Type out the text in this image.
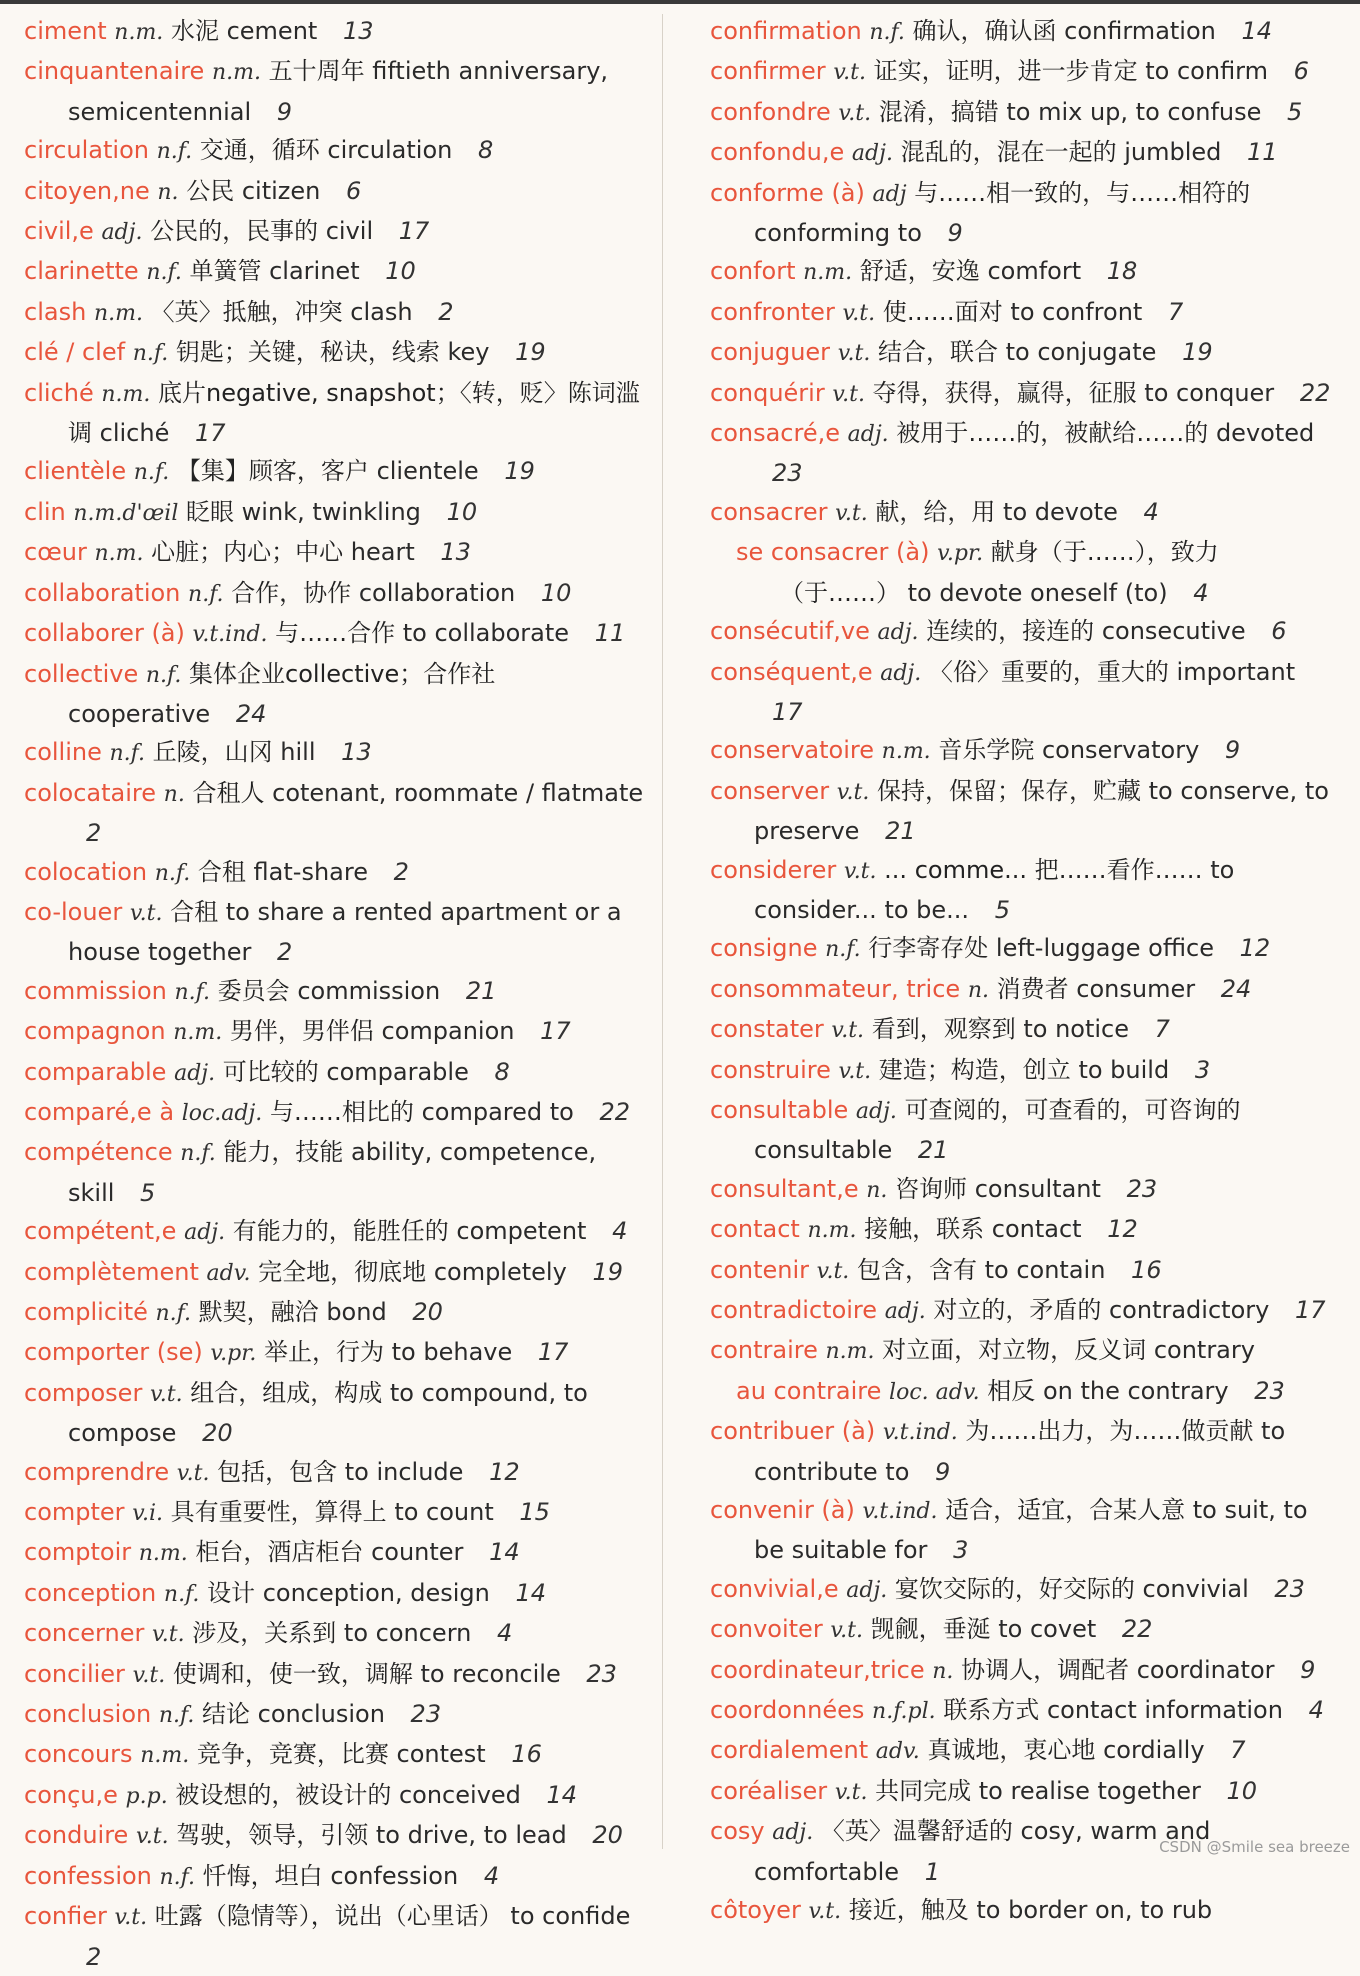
ciment n.m. 水泥 cement 13
cinquantenaire n.m. 五十周年 fiftieth anniversary, semicentennial 9
circulation n.f. 交通，循环 circulation 8
citoyen,ne n. 公民 citizen 6
civil,e adj. 公民的，民事的 civil 17
clarinette n.f. 单簧管 clarinet 10
clash n.m. 〈英〉抵触，冲突 clash 2
clé / clef n.f. 钥匙；关键，秘诀，线索 key 19
cliché n.m. 底片negative, snapshot；〈转，贬〉陈词滥调 cliché 17
clientèle n.f. 【集】顾客，客户 clientele 19
clin n.m.d'œil 眨眼 wink, twinkling 10
cœur n.m. 心脏；内心；中心 heart 13
collaboration n.f. 合作，协作 collaboration 10
collaborer (à) v.t.ind. 与……合作 to collaborate 11
collective n.f. 集体企业collective；合作社 cooperative 24
colline n.f. 丘陵，山冈 hill 13
colocataire n. 合租人 cotenant, roommate / flatmate 2
colocation n.f. 合租 flat-share 2
co-louer v.t. 合租 to share a rented apartment or a house together 2
commission n.f. 委员会 commission 21
compagnon n.m. 男伴，男伴侣 companion 17
comparable adj. 可比较的 comparable 8
comparé,e à loc.adj. 与……相比的 compared to 22
compétence n.f. 能力，技能 ability, competence, skill 5
compétent,e adj. 有能力的，能胜任的 competent 4
complètement adv. 完全地，彻底地 completely 19
complicité n.f. 默契，融洽 bond 20
comporter (se) v.pr. 举止，行为 to behave 17
composer v.t. 组合，组成，构成 to compound, to compose 20
comprendre v.t. 包括，包含 to include 12
compter v.i. 具有重要性，算得上 to count 15
comptoir n.m. 柜台，酒店柜台 counter 14
conception n.f. 设计 conception, design 14
concerner v.t. 涉及，关系到 to concern 4
concilier v.t. 使调和，使一致，调解 to reconcile 23
conclusion n.f. 结论 conclusion 23
concours n.m. 竞争，竞赛，比赛 contest 16
conçu,e p.p. 被设想的，被设计的 conceived 14
conduire v.t. 驾驶，领导，引领 to drive, to lead 20
confession n.f. 忏悔，坦白 confession 4
confier v.t. 吐露（隐情等），说出（心里话） to confide 2
confirmation n.f. 确认，确认函 confirmation 14
confirmer v.t. 证实，证明，进一步肯定 to confirm 6
confondre v.t. 混淆，搞错 to mix up, to confuse 5
confondu,e adj. 混乱的，混在一起的 jumbled 11
conforme (à) adj 与……相一致的，与……相符的 conforming to 9
confort n.m. 舒适，安逸 comfort 18
confronter v.t. 使……面对 to confront 7
conjuguer v.t. 结合，联合 to conjugate 19
conquérir v.t. 夺得，获得，赢得，征服 to conquer 22
consacré,e adj. 被用于……的，被献给……的 devoted 23
consacrer v.t. 献，给，用 to devote 4
se consacrer (à) v.pr. 献身（于……），致力（于……） to devote oneself (to) 4
consécutif,ve adj. 连续的，接连的 consecutive 6
conséquent,e adj. 〈俗〉重要的，重大的 important 17
conservatoire n.m. 音乐学院 conservatory 9
conserver v.t. 保持，保留；保存，贮藏 to conserve, to preserve 21
considerer v.t. ... comme... 把……看作…… to consider... to be... 5
consigne n.f. 行李寄存处 left-luggage office 12
consommateur, trice n. 消费者 consumer 24
constater v.t. 看到，观察到 to notice 7
construire v.t. 建造；构造，创立 to build 3
consultable adj. 可查阅的，可查看的，可咨询的 consultable 21
consultant,e n. 咨询师 consultant 23
contact n.m. 接触，联系 contact 12
contenir v.t. 包含，含有 to contain 16
contradictoire adj. 对立的，矛盾的 contradictory 17
contraire n.m. 对立面，对立物，反义词 contrary
au contraire loc. adv. 相反 on the contrary 23
contribuer (à) v.t.ind. 为……出力，为……做贡献 to contribute to 9
convenir (à) v.t.ind. 适合，适宜，合某人意 to suit, to be suitable for 3
convivial,e adj. 宴饮交际的，好交际的 convivial 23
convoiter v.t. 觊觎，垂涎 to covet 22
coordinateur,trice n. 协调人，调配者 coordinator 9
coordonnées n.f.pl. 联系方式 contact information 4
cordialement adv. 真诚地，衷心地 cordially 7
coréaliser v.t. 共同完成 to realise together 10
cosy adj. 〈英〉温馨舒适的 cosy, warm and comfortable 1
côtoyer v.t. 接近，触及 to border on, to rub
CSDN @Smile sea breeze
